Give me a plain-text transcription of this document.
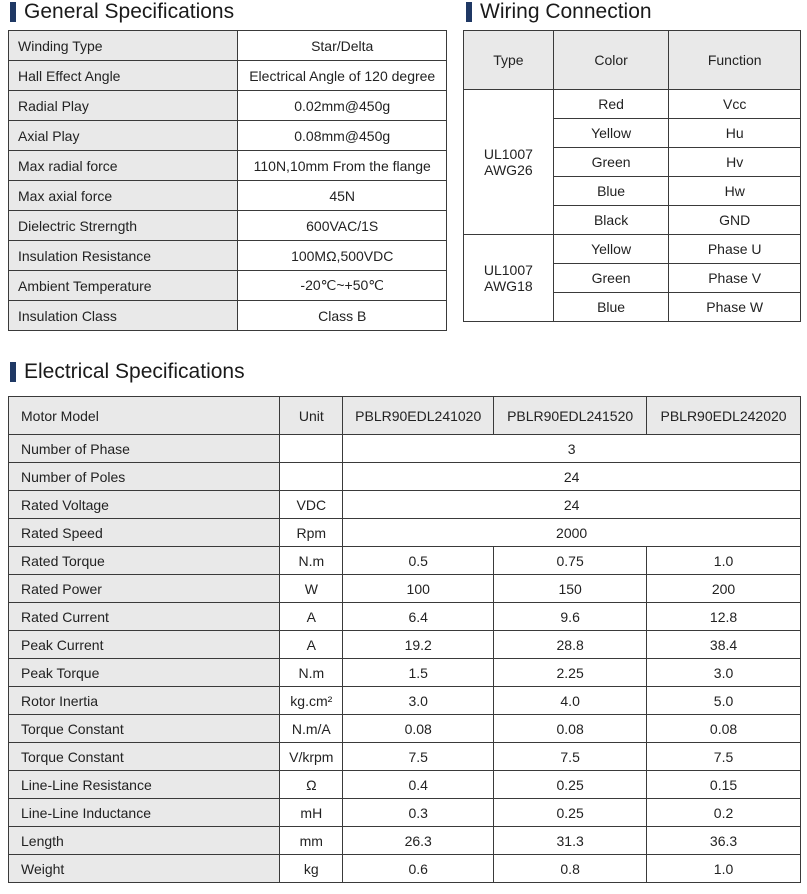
General Specifications
Winding Type	Star/Delta
Hall Effect Angle	Electrical Angle of 120 degree
Radial Play	0.02mm@450g
Axial Play	0.08mm@450g
Max radial force	110N,10mm From the flange
Max axial force	45N
Dielectric Strerngth	600VAC/1S
Insulation Resistance	100MΩ,500VDC
Ambient Temperature	-20℃~+50℃
Insulation Class	Class B
Wiring Connection
Type	Color	Function

UL1007
AWG26	Red	Vcc
	Yellow	Hu
	Green	Hv
	Blue	Hw
	Black	GND

UL1007
AWG18	Yellow	Phase U
	Green	Phase V
	Blue	Phase W
Electrical Specifications
Motor Model	Unit	PBLR90EDL241020	PBLR90EDL241520	PBLR90EDL242020
Number of Phase		3		
Number of Poles		24		
Rated Voltage	VDC	24		
Rated Speed	Rpm	2000		
Rated Torque	N.m	0.5	0.75	1.0
Rated Power	W	100	150	200
Rated Current	A	6.4	9.6	12.8
Peak Current	A	19.2	28.8	38.4
Peak Torque	N.m	1.5	2.25	3.0
Rotor Inertia	kg.cm²	3.0	4.0	5.0
Torque Constant	N.m/A	0.08	0.08	0.08
Torque Constant	V/krpm	7.5	7.5	7.5
Line-Line Resistance	Ω	0.4	0.25	0.15
Line-Line Inductance	mH	0.3	0.25	0.2
Length	mm	26.3	31.3	36.3
Weight	kg	0.6	0.8	1.0
